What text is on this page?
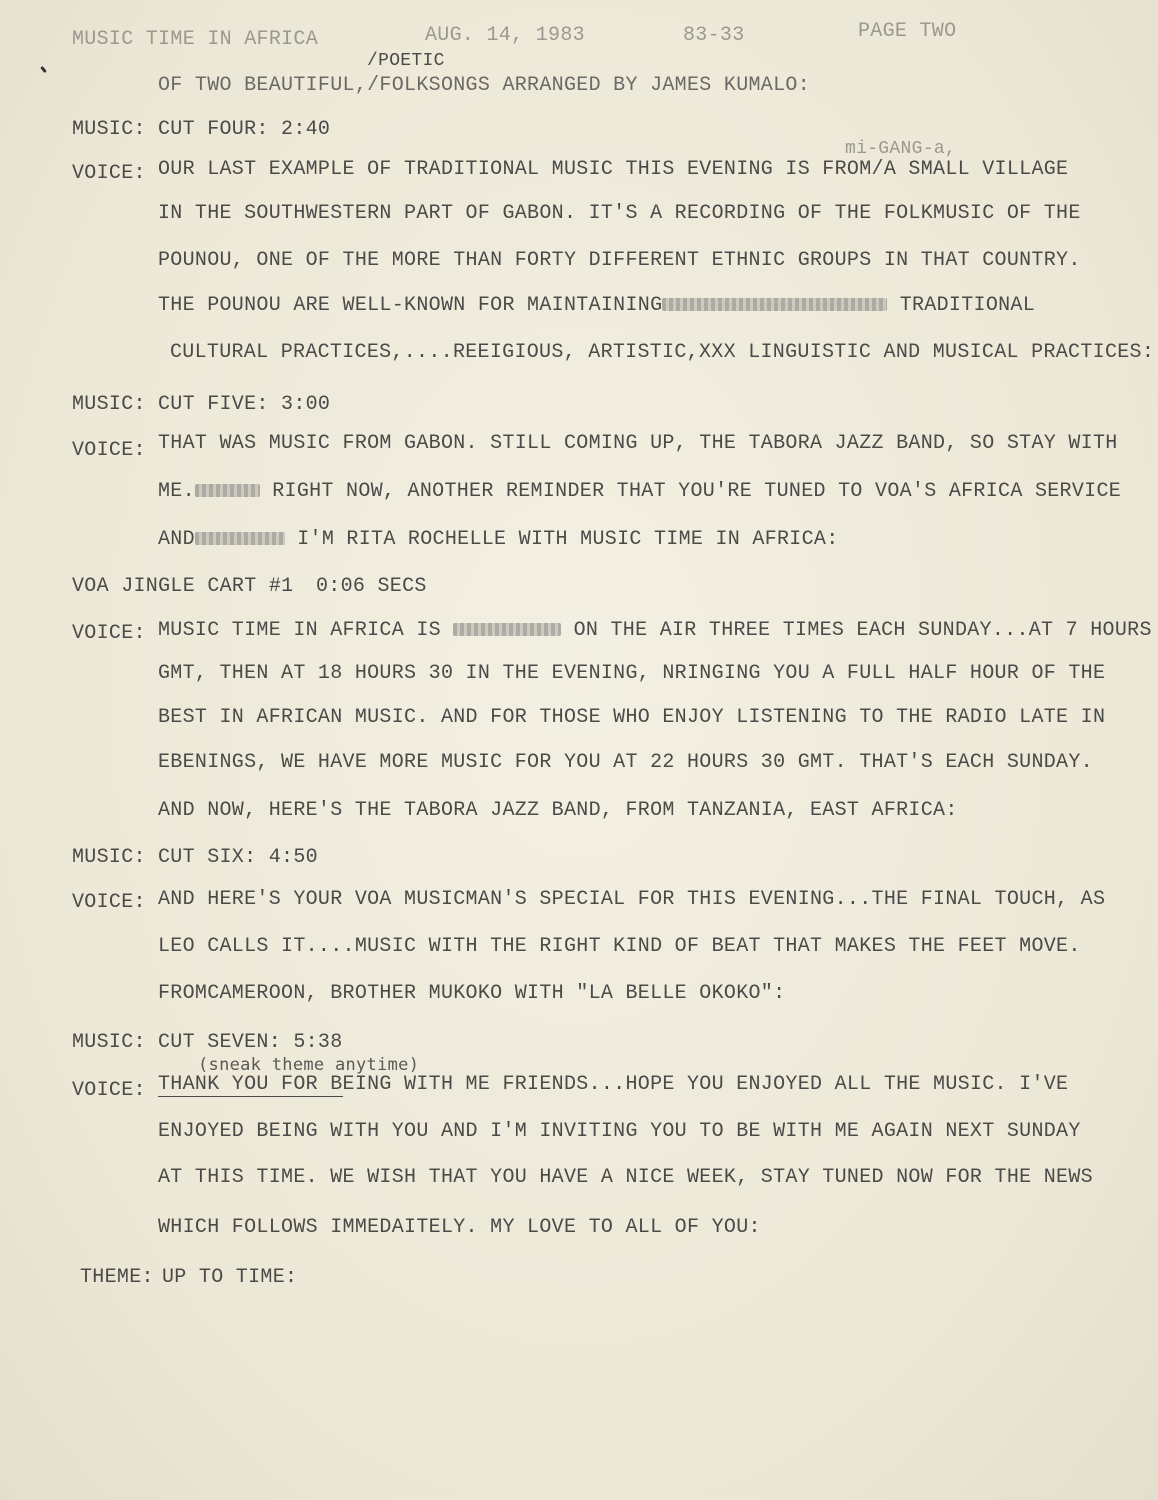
MUSIC TIME IN AFRICA	AUG. 14, 1983	83-33	PAGE TWO
/POETIC
OF TWO BEAUTIFUL,/FOLKSONGS ARRANGED BY JAMES KUMALO:
MUSIC: CUT FOUR: 2:40
mi-GANG-a,
VOICE: OUR LAST EXAMPLE OF TRADITIONAL MUSIC THIS EVENING IS FROM/A SMALL VILLAGE
IN THE SOUTHWESTERN PART OF GABON. IT'S A RECORDING OF THE FOLKMUSIC OF THE
POUNOU, ONE OF THE MORE THAN FORTY DIFFERENT ETHNIC GROUPS IN THAT COUNTRY.
THE POUNOU ARE WELL-KNOWN FOR MAINTAINING	TRADITIONAL
CULTURAL PRACTICES,....REEIGIOUS, ARTISTIC,XXX LINGUISTIC AND MUSICAL PRACTICES:
MUSIC: CUT FIVE: 3:00
VOICE: THAT WAS MUSIC FROM GABON. STILL COMING UP, THE TABORA JAZZ BAND, SO STAY WITH
ME.	RIGHT NOW, ANOTHER REMINDER THAT YOU'RE TUNED TO VOA'S AFRICA SERVICE
AND	I'M RITA ROCHELLE WITH MUSIC TIME IN AFRICA:
VOA JINGLE CART #1 0:06 SECS
VOICE: MUSIC TIME IN AFRICA IS	ON THE AIR THREE TIMES EACH SUNDAY...AT 7 HOURS
GMT, THEN AT 18 HOURS 30 IN THE EVENING, NRINGING YOU A FULL HALF HOUR OF THE
BEST IN AFRICAN MUSIC. AND FOR THOSE WHO ENJOY LISTENING TO THE RADIO LATE IN
EBENINGS, WE HAVE MORE MUSIC FOR YOU AT 22 HOURS 30 GMT. THAT'S EACH SUNDAY.
AND NOW, HERE'S THE TABORA JAZZ BAND, FROM TANZANIA, EAST AFRICA:
MUSIC: CUT SIX: 4:50
VOICE: AND HERE'S YOUR VOA MUSICMAN'S SPECIAL FOR THIS EVENING...THE FINAL TOUCH, AS
LEO CALLS IT....MUSIC WITH THE RIGHT KIND OF BEAT THAT MAKES THE FEET MOVE.
FROMCAMEROON, BROTHER MUKOKO WITH "LA BELLE OKOKO":
MUSIC: CUT SEVEN: 5:38
(sneak theme anytime)
VOICE: THANK YOU FOR BEING WITH ME FRIENDS...HOPE YOU ENJOYED ALL THE MUSIC. I'VE
ENJOYED BEING WITH YOU AND I'M INVITING YOU TO BE WITH ME AGAIN NEXT SUNDAY
AT THIS TIME. WE WISH THAT YOU HAVE A NICE WEEK, STAY TUNED NOW FOR THE NEWS
WHICH FOLLOWS IMMEDAITELY. MY LOVE TO ALL OF YOU:
THEME: UP TO TIME:
